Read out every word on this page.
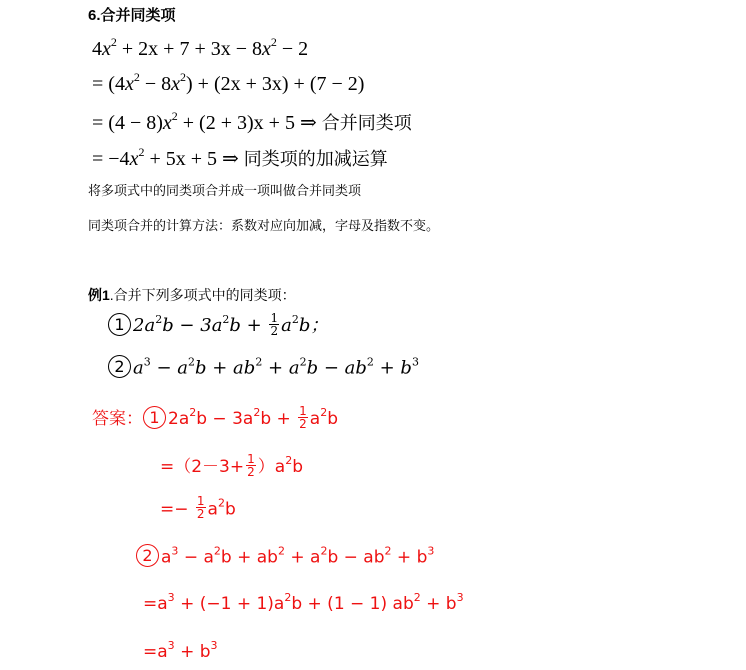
6.合并同类项
$4x^2 + 2x + 7 + 3x - 8x^2 - 2$
= $(4x^2 - 8x^2) + (2x + 3x) + (7 - 2)$
= $(4 - 8)x^2 + (2 + 3)x + 5$ ⇒ 合并同类项
= $-4x^2 + 5x + 5$ ⇒ 同类项的加减运算
将多项式中的同类项合并成一项叫做合并同类项
同类项合并的计算方法：系数对应向加减，字母及指数不变。
例1.合并下列多项式中的同类项：
1 $2a^2b - 3a^2b + \frac{1}{2} a^2b$；
2 $a^3 - a^2b + ab^2 + a^2b - ab^2 + b^3$
答案： 1 $2a^2b - 3a^2b + \frac{1}{2} a^2b$
$=(2-3+ \frac{1}{2} )a^2b$
=− $\frac{1}{2} a^2b$
2 $a^3 - a^2b + ab^2 + a^2b - ab^2 + b^3$
$=a^3 + (-1 + 1)a^2b + (1 - 1) ab^2 + b^3$
$=a^3 + b^3$
